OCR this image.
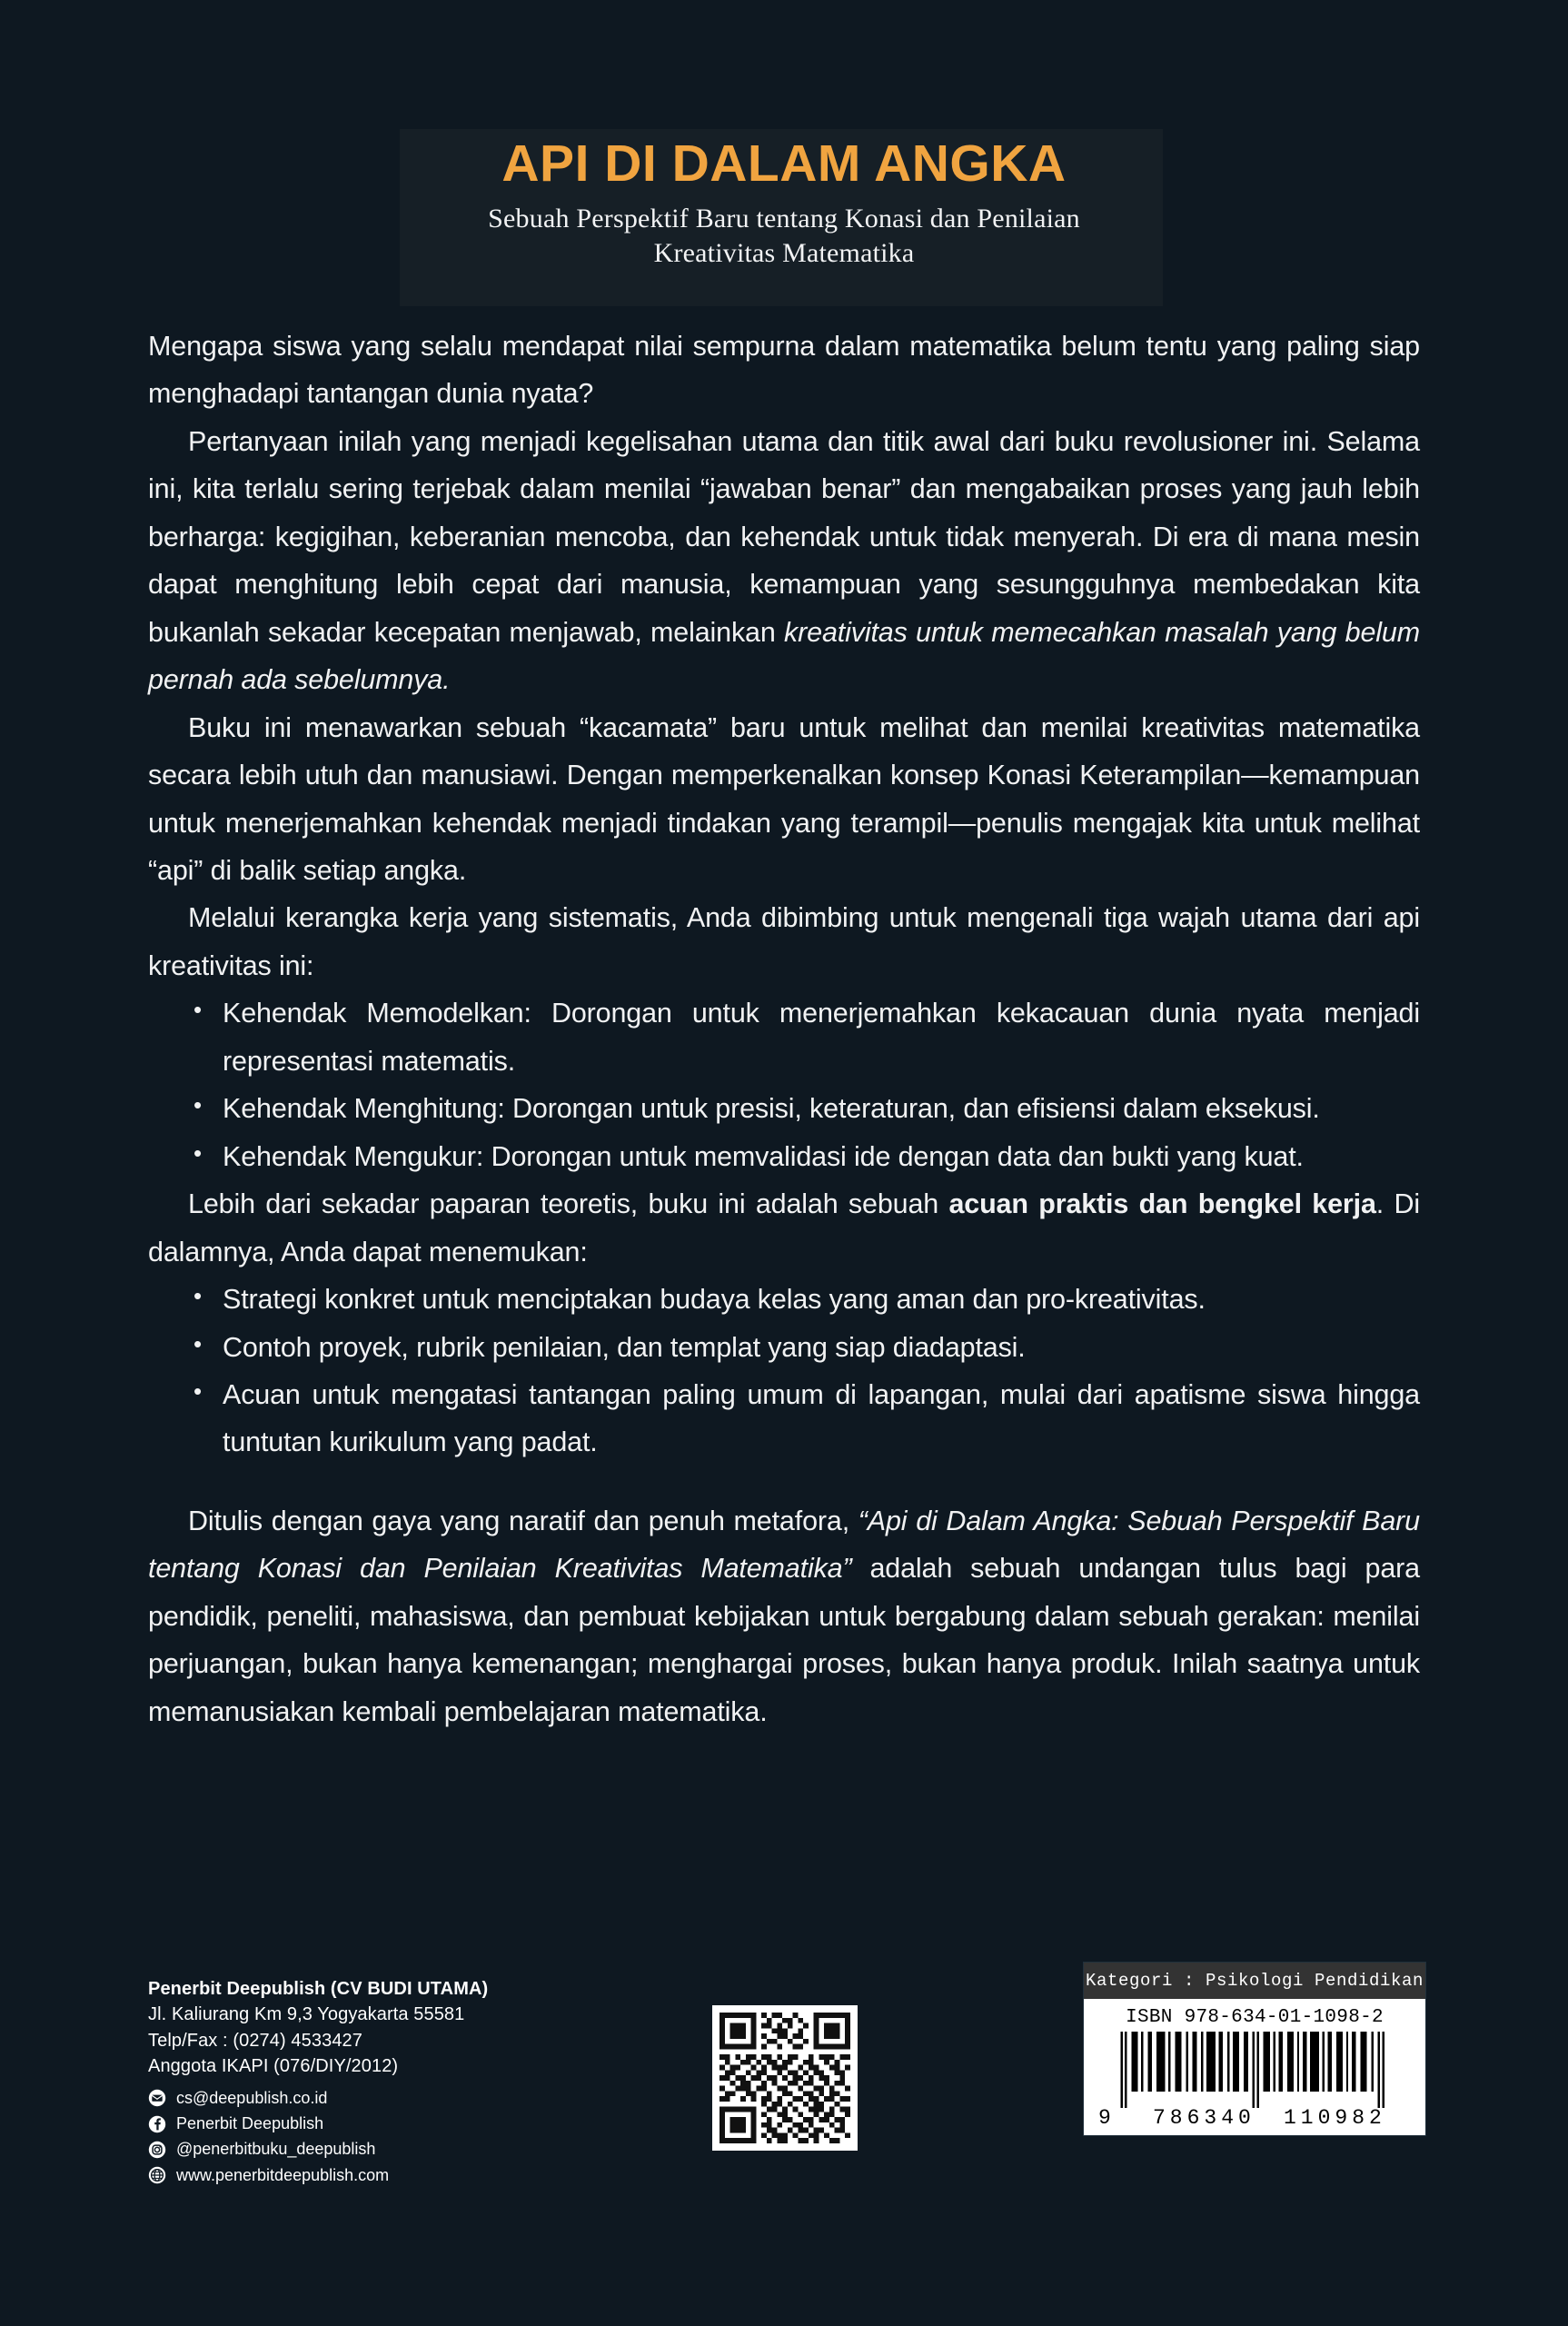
API DI DALAM ANGKA
Sebuah Perspektif Baru tentang Konasi dan Penilaian
Kreativitas Matematika

Mengapa siswa yang selalu mendapat nilai sempurna dalam matematika belum tentu yang paling siap menghadapi tantangan dunia nyata?

Pertanyaan inilah yang menjadi kegelisahan utama dan titik awal dari buku revolusioner ini. Selama ini, kita terlalu sering terjebak dalam menilai “jawaban benar” dan mengabaikan proses yang jauh lebih berharga: kegigihan, keberanian mencoba, dan kehendak untuk tidak menyerah. Di era di mana mesin dapat menghitung lebih cepat dari manusia, kemampuan yang sesungguhnya membedakan kita bukanlah sekadar kecepatan menjawab, melainkan kreativitas untuk memecahkan masalah yang belum pernah ada sebelumnya.

Buku ini menawarkan sebuah “kacamata” baru untuk melihat dan menilai kreativitas matematika secara lebih utuh dan manusiawi. Dengan memperkenalkan konsep Konasi Keterampilan—kemampuan untuk menerjemahkan kehendak menjadi tindakan yang terampil—penulis mengajak kita untuk melihat “api” di balik setiap angka.

Melalui kerangka kerja yang sistematis, Anda dibimbing untuk mengenali tiga wajah utama dari api kreativitas ini:

• Kehendak Memodelkan: Dorongan untuk menerjemahkan kekacauan dunia nyata menjadi representasi matematis.
• Kehendak Menghitung: Dorongan untuk presisi, keteraturan, dan efisiensi dalam eksekusi.
• Kehendak Mengukur: Dorongan untuk memvalidasi ide dengan data dan bukti yang kuat.

Lebih dari sekadar paparan teoretis, buku ini adalah sebuah acuan praktis dan bengkel kerja. Di dalamnya, Anda dapat menemukan:

• Strategi konkret untuk menciptakan budaya kelas yang aman dan pro-kreativitas.
• Contoh proyek, rubrik penilaian, dan templat yang siap diadaptasi.
• Acuan untuk mengatasi tantangan paling umum di lapangan, mulai dari apatisme siswa hingga tuntutan kurikulum yang padat.

Ditulis dengan gaya yang naratif dan penuh metafora, “Api di Dalam Angka: Sebuah Perspektif Baru tentang Konasi dan Penilaian Kreativitas Matematika” adalah sebuah undangan tulus bagi para pendidik, peneliti, mahasiswa, dan pembuat kebijakan untuk bergabung dalam sebuah gerakan: menilai perjuangan, bukan hanya kemenangan; menghargai proses, bukan hanya produk. Inilah saatnya untuk memanusiakan kembali pembelajaran matematika.

Penerbit Deepublish (CV BUDI UTAMA)
Jl. Kaliurang Km 9,3 Yogyakarta 55581
Telp/Fax : (0274) 4533427
Anggota IKAPI (076/DIY/2012)
cs@deepublish.co.id
Penerbit Deepublish
@penerbitbuku_deepublish
www.penerbitdeepublish.com
Kategori : Psikologi Pendidikan
ISBN 978-634-01-1098-2
9 786340 110982
